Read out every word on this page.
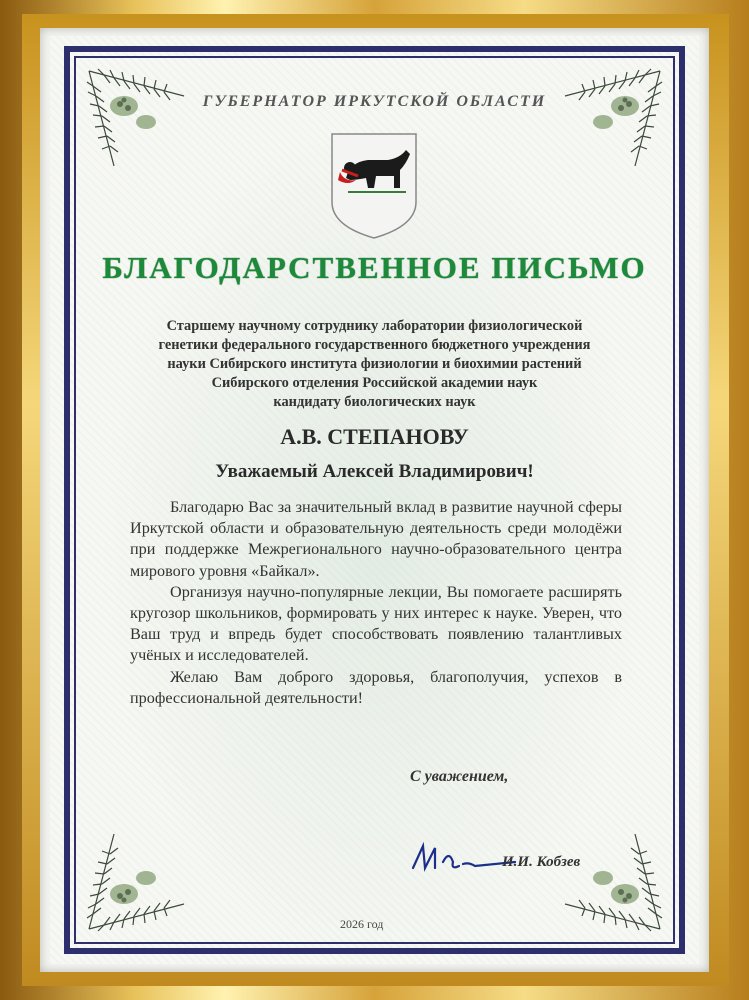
ГУБЕРНАТОР ИРКУТСКОЙ ОБЛАСТИ
БЛАГОДАРСТВЕННОЕ ПИСЬМО
Старшему научному сотруднику лаборатории физиологической
генетики федерального государственного бюджетного учреждения
науки Сибирского института физиологии и биохимии растений
Сибирского отделения Российской академии наук
кандидату биологических наук
А.В. СТЕПАНОВУ
Уважаемый Алексей Владимирович!

Благодарю Вас за значительный вклад в развитие научной сферы Иркутской области и образовательную деятельность среди молодёжи при поддержке Межрегионального научно-образовательного центра мирового уровня «Байкал».

Организуя научно-популярные лекции, Вы помогаете расширять кругозор школьников, формировать у них интерес к науке. Уверен, что Ваш труд и впредь будет способствовать появлению талантливых учёных и исследователей.

Желаю Вам доброго здоровья, благополучия, успехов в профессиональной деятельности!

С уважением,
И.И. Кобзев
2026 год
